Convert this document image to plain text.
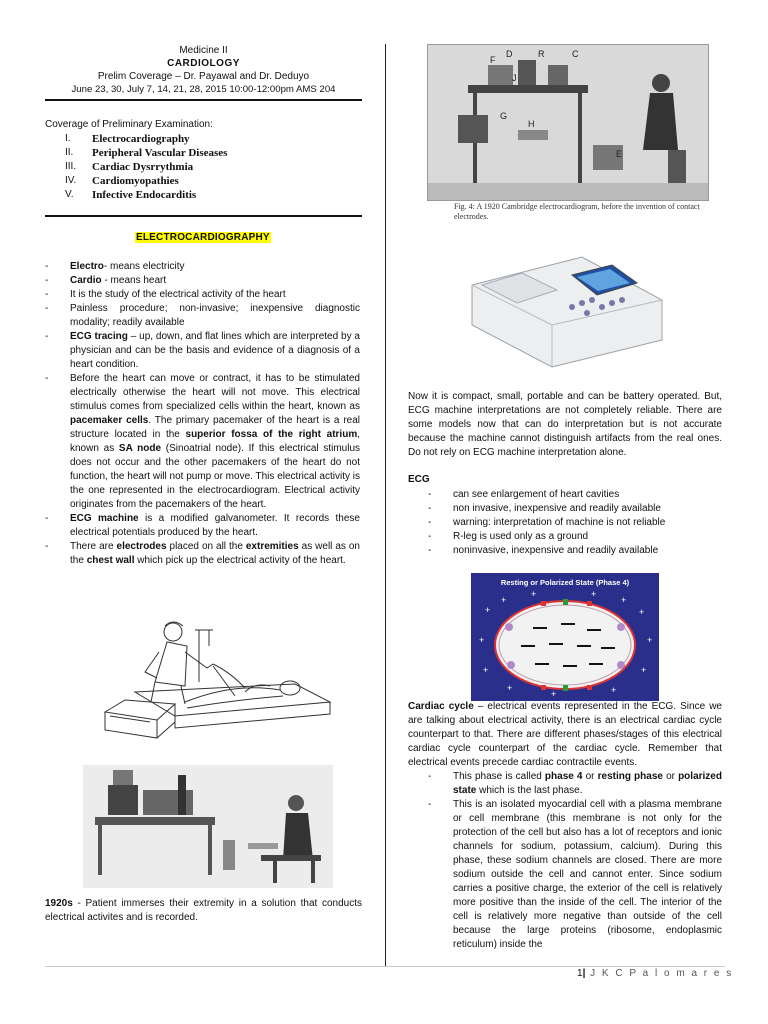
Medicine II
CARDIOLOGY
Prelim Coverage – Dr. Payawal and Dr. Deduyo
June 23, 30, July 7, 14, 21, 28, 2015 10:00-12:00pm AMS 204
Coverage of Preliminary Examination:
I.	Electrocardiography
II.	Peripheral Vascular Diseases
III.	Cardiac Dysrrythmia
IV.	Cardiomyopathies
V.	Infective Endocarditis
ELECTROCARDIOGRAPHY
- Electro- means electricity
- Cardio - means heart
- It is the study of the electrical activity of the heart
- Painless procedure; non-invasive; inexpensive diagnostic modality; readily available
- ECG tracing – up, down, and flat lines which are interpreted by a physician and can be the basis and evidence of a diagnosis of a heart condition.
- Before the heart can move or contract, it has to be stimulated electrically otherwise the heart will not move. This electrical stimulus comes from specialized cells within the heart, known as pacemaker cells. The primary pacemaker of the heart is a real structure located in the superior fossa of the right atrium, known as SA node (Sinoatrial node). If this electrical stimulus does not occur and the other pacemakers of the heart do not function, the heart will not pump or move. This electrical activity is the one represented in the electrocardiogram. Electrical activity originates from the pacemakers of the heart.
- ECG machine is a modified galvanometer. It records these electrical potentials produced by the heart.
- There are electrodes placed on all the extremities as well as on the chest wall which pick up the electrical activity of the heart.
1920s - Patient immerses their extremity in a solution that conducts electrical activites and is recorded.
D	R	C
F
J
G
H
E
Fig. 4: A 1920 Cambridge electrocardiogram, before the invention of contact electrodes.
Now it is compact, small, portable and can be battery operated. But, ECG machine interpretations are not completely reliable. There are some models now that can do interpretation but is not accurate because the machine cannot distinguish artifacts from the real ones. Do not rely on ECG machine interpretation alone.
ECG
- can see enlargement of heart cavities
- non invasive, inexpensive and readily available
- warning: interpretation of machine is not reliable
- R-leg is used only as a ground
- noninvasive, inexpensive and readily available
Resting or Polarized State (Phase 4)
+
+
+	+
+
+
+	+
+	+
+
+	+
Cardiac cycle – electrical events represented in the ECG. Since we are talking about electrical activity, there is an electrical cardiac cycle counterpart to that. There are different phases/stages of this electrical cardiac cycle counterpart of the cardiac cycle. Remember that electrical events precede cardiac contractile events.
- This phase is called phase 4 or resting phase or polarized state which is the last phase.
- This is an isolated myocardial cell with a plasma membrane or cell membrane (this membrane is not only for the protection of the cell but also has a lot of receptors and ionic channels for sodium, potassium, calcium). During this phase, these sodium channels are closed. There are more sodium outside the cell and cannot enter. Since sodium carries a positive charge, the exterior of the cell is relatively more positive than the inside of the cell. The interior of the cell is relatively more negative than outside of the cell because the large proteins (ribosome, endoplasmic reticulum) inside the
1| J K C P a l o m a r e s
